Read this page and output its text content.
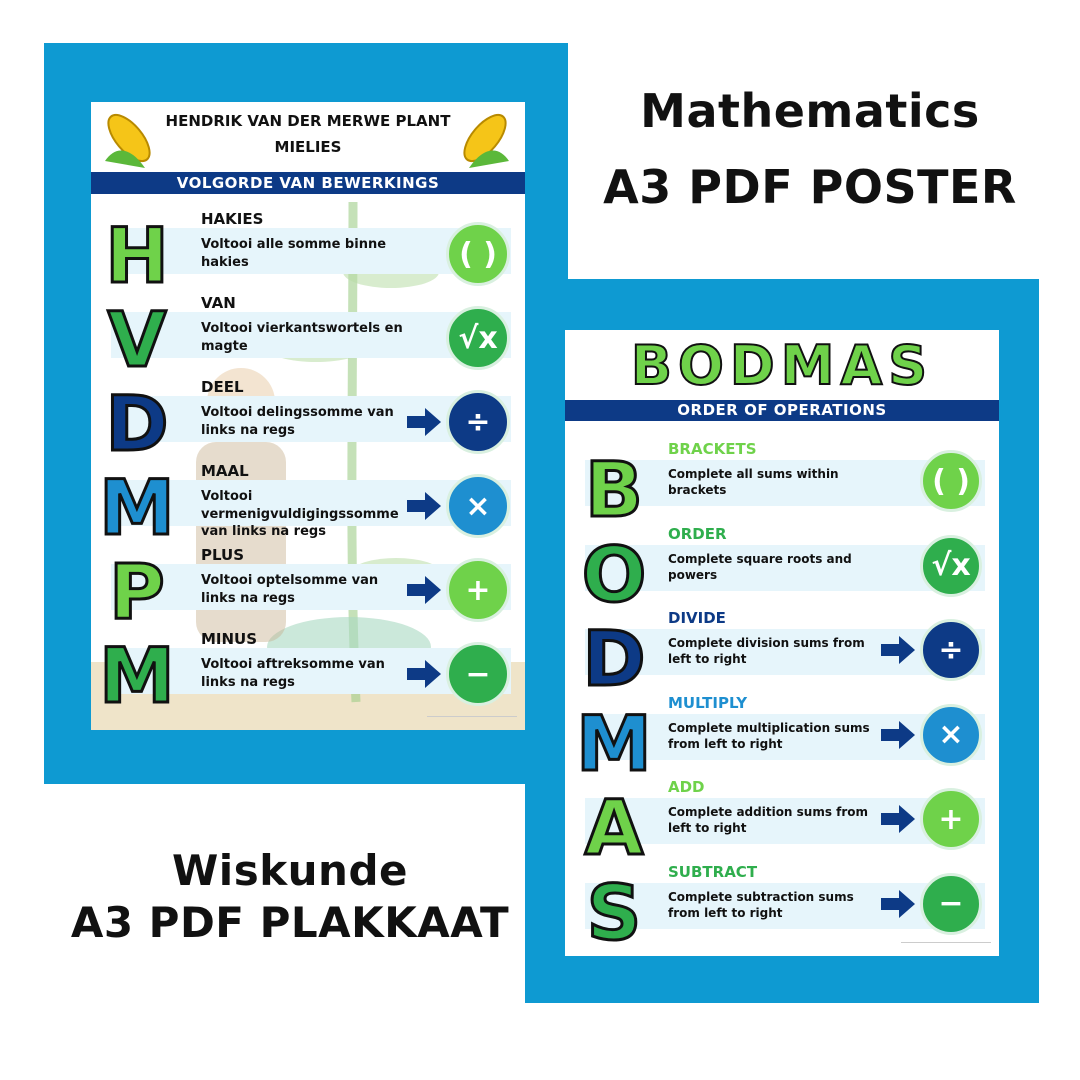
HENDRIK VAN DER MERWE PLANT
MIELIES
VOLGORDE VAN BEWERKINGS
H	HAKIES
Voltooi alle somme binne hakies	( )
V	VAN
Voltooi vierkantswortels en magte	√x
D	DEEL
Voltooi delingssomme van links na regs	÷
M	MAAL
Voltooi vermenigvuldigingssomme van links na regs
×
P	PLUS
Voltooi optelsomme van links na regs	+
M	MINUS
Voltooi aftreksomme van links na regs	−
BODMAS
ORDER OF OPERATIONS
B	BRACKETS
Complete all sums within brackets	( )
O	ORDER
Complete square roots and powers	√x
D	DIVIDE
Complete division sums from left to right	÷
M	MULTIPLY
Complete multiplication sums from left to right	×
A	ADD
Complete addition sums from left to right	+
S	SUBTRACT
Complete subtraction sums from left to right	−
Mathematics
A3 PDF POSTER
Wiskunde
A3 PDF PLAKKAAT
